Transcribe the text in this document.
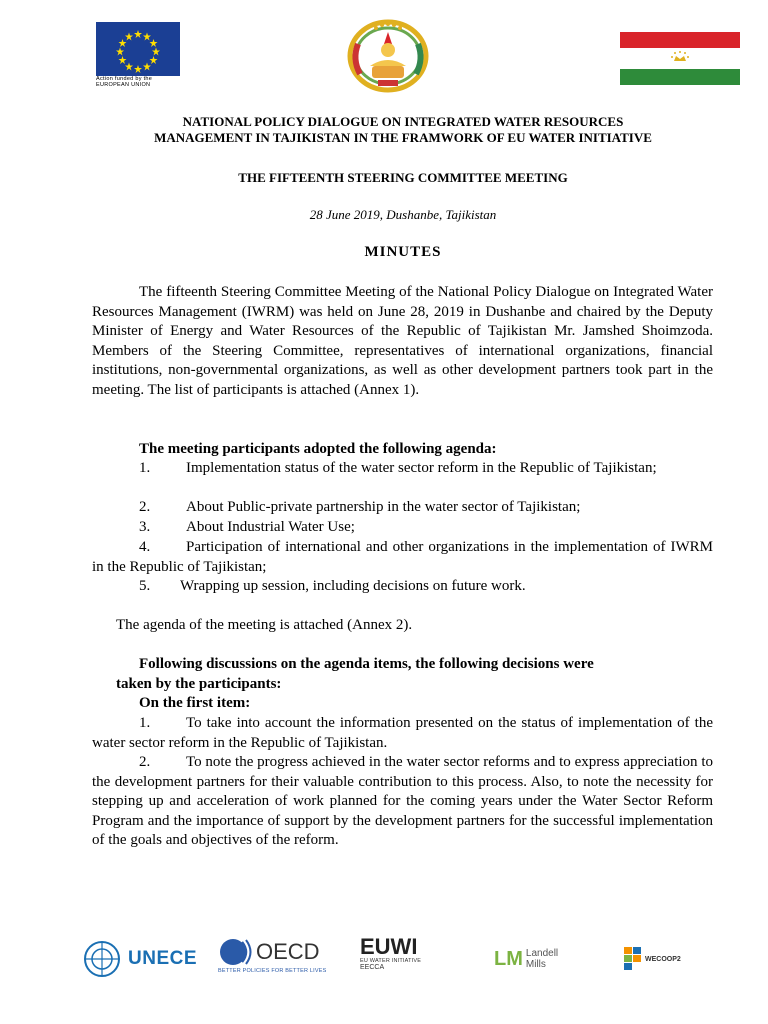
Action funded by the
EUROPEAN UNION
NATIONAL POLICY DIALOGUE ON INTEGRATED WATER RESOURCES
MANAGEMENT IN TAJIKISTAN IN THE FRAMWORK OF EU WATER INITIATIVE
THE FIFTEENTH STEERING COMMITTEE MEETING
28 June 2019, Dushanbe, Tajikistan
MINUTES
The fifteenth Steering Committee Meeting of the National Policy Dialogue on Integrated Water Resources Management (IWRM) was held on June 28, 2019 in Dushanbe and chaired by the Deputy Minister of Energy and Water Resources of the Republic of Tajikistan Mr. Jamshed Shoimzoda. Members of the Steering Committee, representatives of international organizations, financial institutions, non-governmental organizations, as well as other development partners took part in the meeting. The list of participants is attached (Annex 1).
The meeting participants adopted the following agenda:
1. Implementation status of the water sector reform in the Republic of Tajikistan;
2. About Public-private partnership in the water sector of Tajikistan;
3. About Industrial Water Use;
4. Participation of international and other organizations in the implementation of IWRM in the Republic of Tajikistan;
5. Wrapping up session, including decisions on future work.
The agenda of the meeting is attached (Annex 2).
Following discussions on the agenda items, the following decisions were
taken by the participants:
On the first item:
1. To take into account the information presented on the status of implementation of the water sector reform in the Republic of Tajikistan.
2. To note the progress achieved in the water sector reforms and to express appreciation to the development partners for their valuable contribution to this process. Also, to note the necessity for stepping up and acceleration of work planned for the coming years under the Water Sector Reform Program and the importance of support by the development partners for the successful implementation of the goals and objectives of the reform.
UNECE	OECD
BETTER POLICIES FOR BETTER LIVES
EUWI
EU WATER INITIATIVE
EECCA	LM Landell
Mills	WECOOP2
